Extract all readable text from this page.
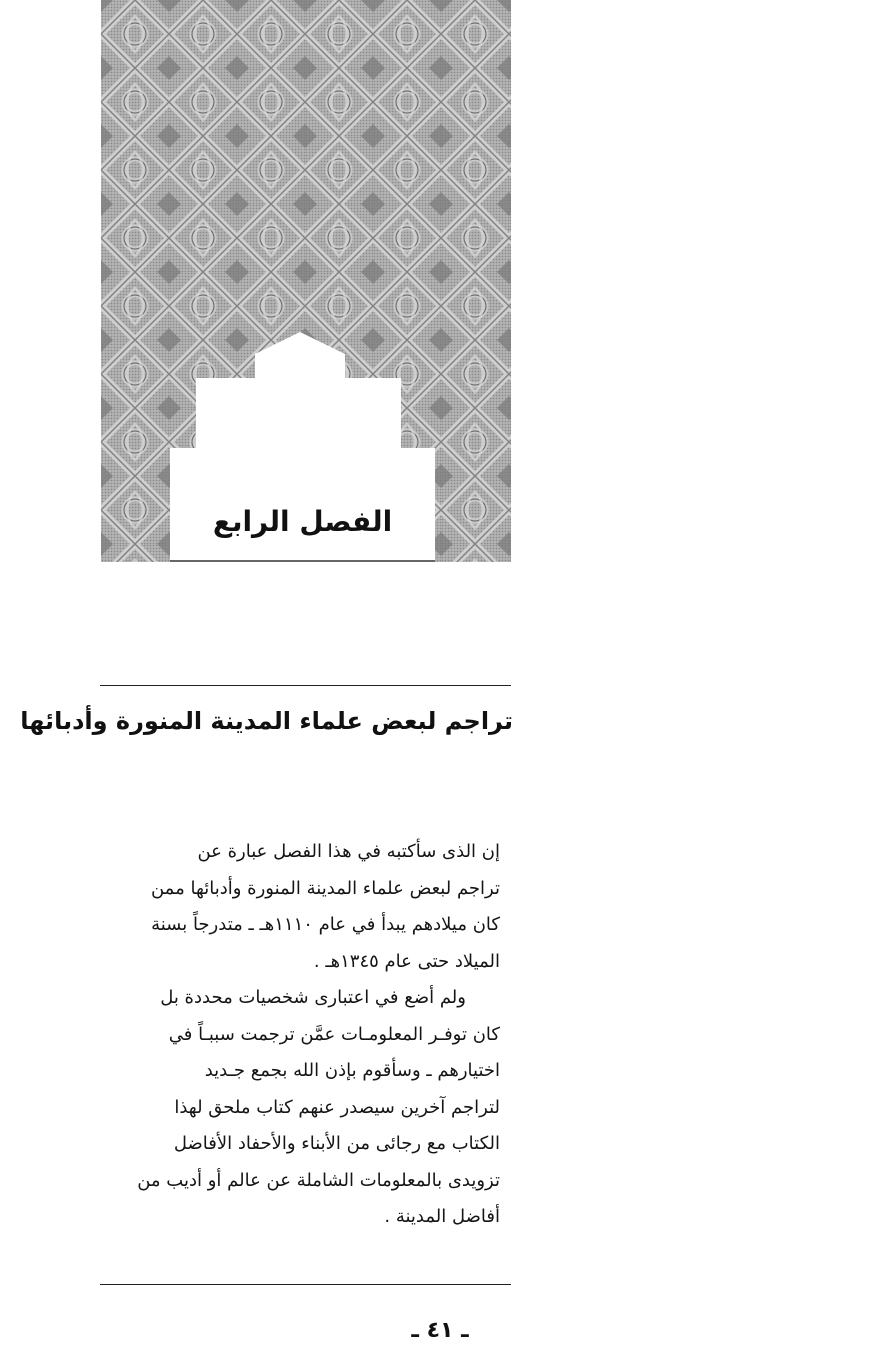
الفصل الرابع
تراجم لبعض علماء المدينة المنورة وأدبائها
إن الذى سأكتبه في هذا الفصل عبارة عن
تراجم لبعض علماء المدينة المنورة وأدبائها ممن
كان ميلادهم يبدأ في عام ١١١٠هـ ـ متدرجاً بسنة
الميلاد حتى عام ١٣٤٥هـ .
ولم أضع في اعتبارى شخصيات محددة بل
كان توفـر المعلومـات عمَّن ترجمت سببـاً في
اختيارهم ـ وسأقوم بإذن الله بجمع جـديد
لتراجم آخرين سيصدر عنهم كتاب ملحق لهذا
الكتاب مع رجائى من الأبناء والأحفاد الأفاضل
تزويدى بالمعلومات الشاملة عن عالم أو أديب من
أفاضل المدينة .

ـ ٤١ ـ
